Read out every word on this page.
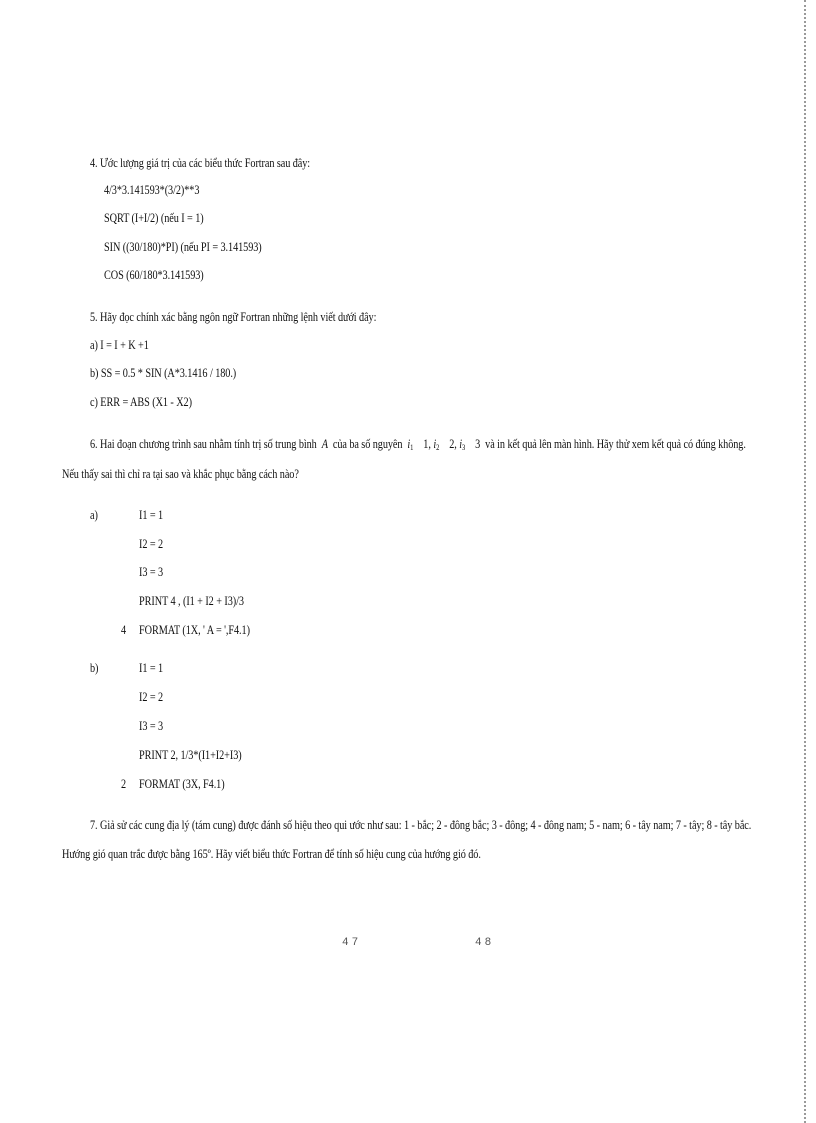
4. Ước lượng giá trị của các biểu thức Fortran sau đây:
4/3*3.141593*(3/2)**3
SQRT (I+I/2) (nếu I = 1)
SIN ((30/180)*PI) (nếu PI = 3.141593)
COS (60/180*3.141593)
5. Hãy đọc chính xác bằng ngôn ngữ Fortran những lệnh viết dưới đây:
a) I = I + K +1
b) SS = 0.5 * SIN (A*3.1416 / 180.)
c) ERR = ABS (X1 - X2)
6. Hai đoạn chương trình sau nhằm tính trị số trung bình A của ba số nguyên $i_1$ 1, $i_2$ 2, $i_3$ 3 và in kết quả lên màn hình. Hãy thử xem kết quả có đúng không.
Nếu thấy sai thì chỉ ra tại sao và khắc phục bằng cách nào?
a)	I1 = 1
I2 = 2
I3 = 3
PRINT 4 , (I1 + I2 + I3)/3
4 FORMAT (1X, ' A = ',F4.1)
b)	I1 = 1
I2 = 2
I3 = 3
PRINT 2, 1/3*(I1+I2+I3)
2 FORMAT (3X, F4.1)
7. Giả sử các cung địa lý (tám cung) được đánh số hiệu theo qui ước như sau: 1 - bắc; 2 - đông bắc; 3 - đông; 4 - đông nam; 5 - nam; 6 - tây nam; 7 - tây; 8 - tây bắc.
Hướng gió quan trắc được bằng 165º. Hãy viết biểu thức Fortran để tính số hiệu cung của hướng gió đó.
47	48
